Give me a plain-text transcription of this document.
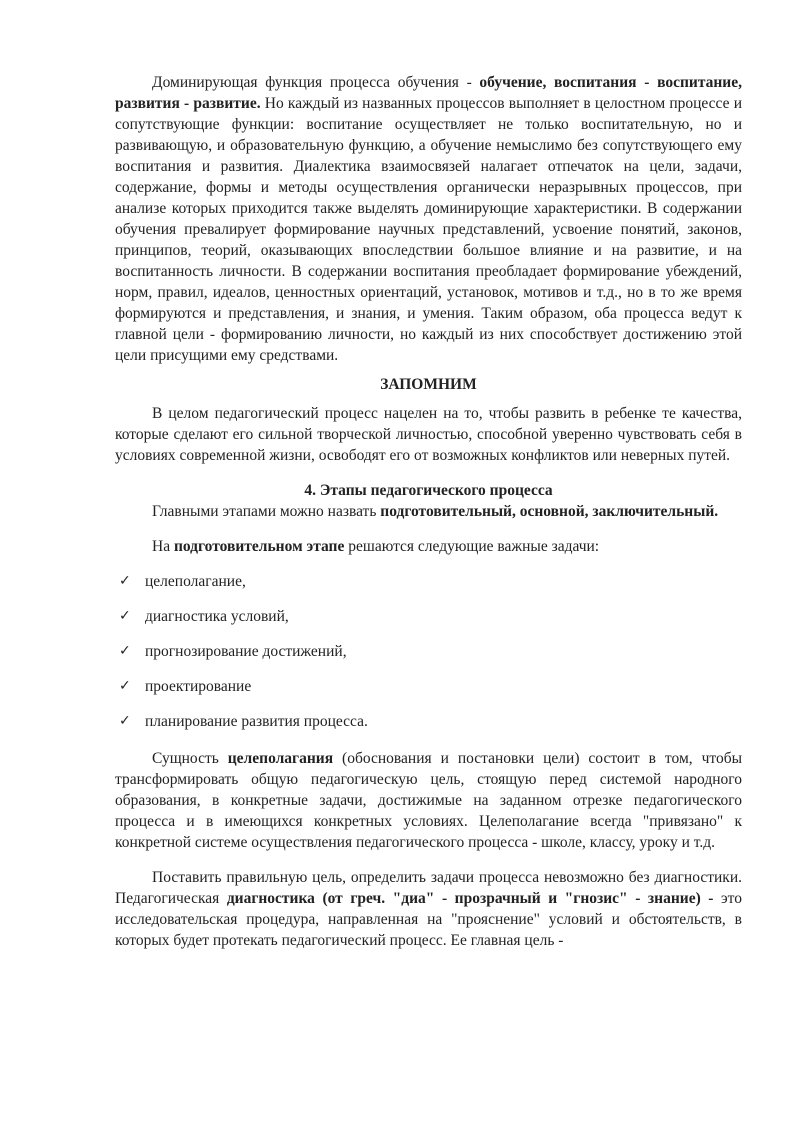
Доминирующая функция процесса обучения - обучение, воспитания - воспитание, развития - развитие. Но каждый из названных процессов выполняет в целостном процессе и сопутствующие функции: воспитание осуществляет не только воспитательную, но и развивающую, и образовательную функцию, а обучение немыслимо без сопутствующего ему воспитания и развития. Диалектика взаимосвязей налагает отпечаток на цели, задачи, содержание, формы и методы осуществления органически неразрывных процессов, при анализе которых приходится также выделять доминирующие характеристики. В содержании обучения превалирует формирование научных представлений, усвоение понятий, законов, принципов, теорий, оказывающих впоследствии большое влияние и на развитие, и на воспитанность личности. В содержании воспитания преобладает формирование убеждений, норм, правил, идеалов, ценностных ориентаций, установок, мотивов и т.д., но в то же время формируются и представления, и знания, и умения. Таким образом, оба процесса ведут к главной цели - формированию личности, но каждый из них способствует достижению этой цели присущими ему средствами.

ЗАПОМНИМ

В целом педагогический процесс нацелен на то, чтобы развить в ребенке те качества, которые сделают его сильной творческой личностью, способной уверенно чувствовать себя в условиях современной жизни, освободят его от возможных конфликтов или неверных путей.

4. Этапы педагогического процесса

Главными этапами можно назвать подготовительный, основной, заключительный.

На подготовительном этапе решаются следующие важные задачи:

✓ целеполагание,
✓ диагностика условий,
✓ прогнозирование достижений,
✓ проектирование
✓ планирование развития процесса.

Сущность целеполагания (обоснования и постановки цели) состоит в том, чтобы трансформировать общую педагогическую цель, стоящую перед системой народного образования, в конкретные задачи, достижимые на заданном отрезке педагогического процесса и в имеющихся конкретных условиях. Целеполагание всегда "привязано" к конкретной системе осуществления педагогического процесса - школе, классу, уроку и т.д.

Поставить правильную цель, определить задачи процесса невозможно без диагностики. Педагогическая диагностика (от греч. "диа" - прозрачный и "гнозис" - знание) - это исследовательская процедура, направленная на "прояснение" условий и обстоятельств, в которых будет протекать педагогический процесс. Ее главная цель -
